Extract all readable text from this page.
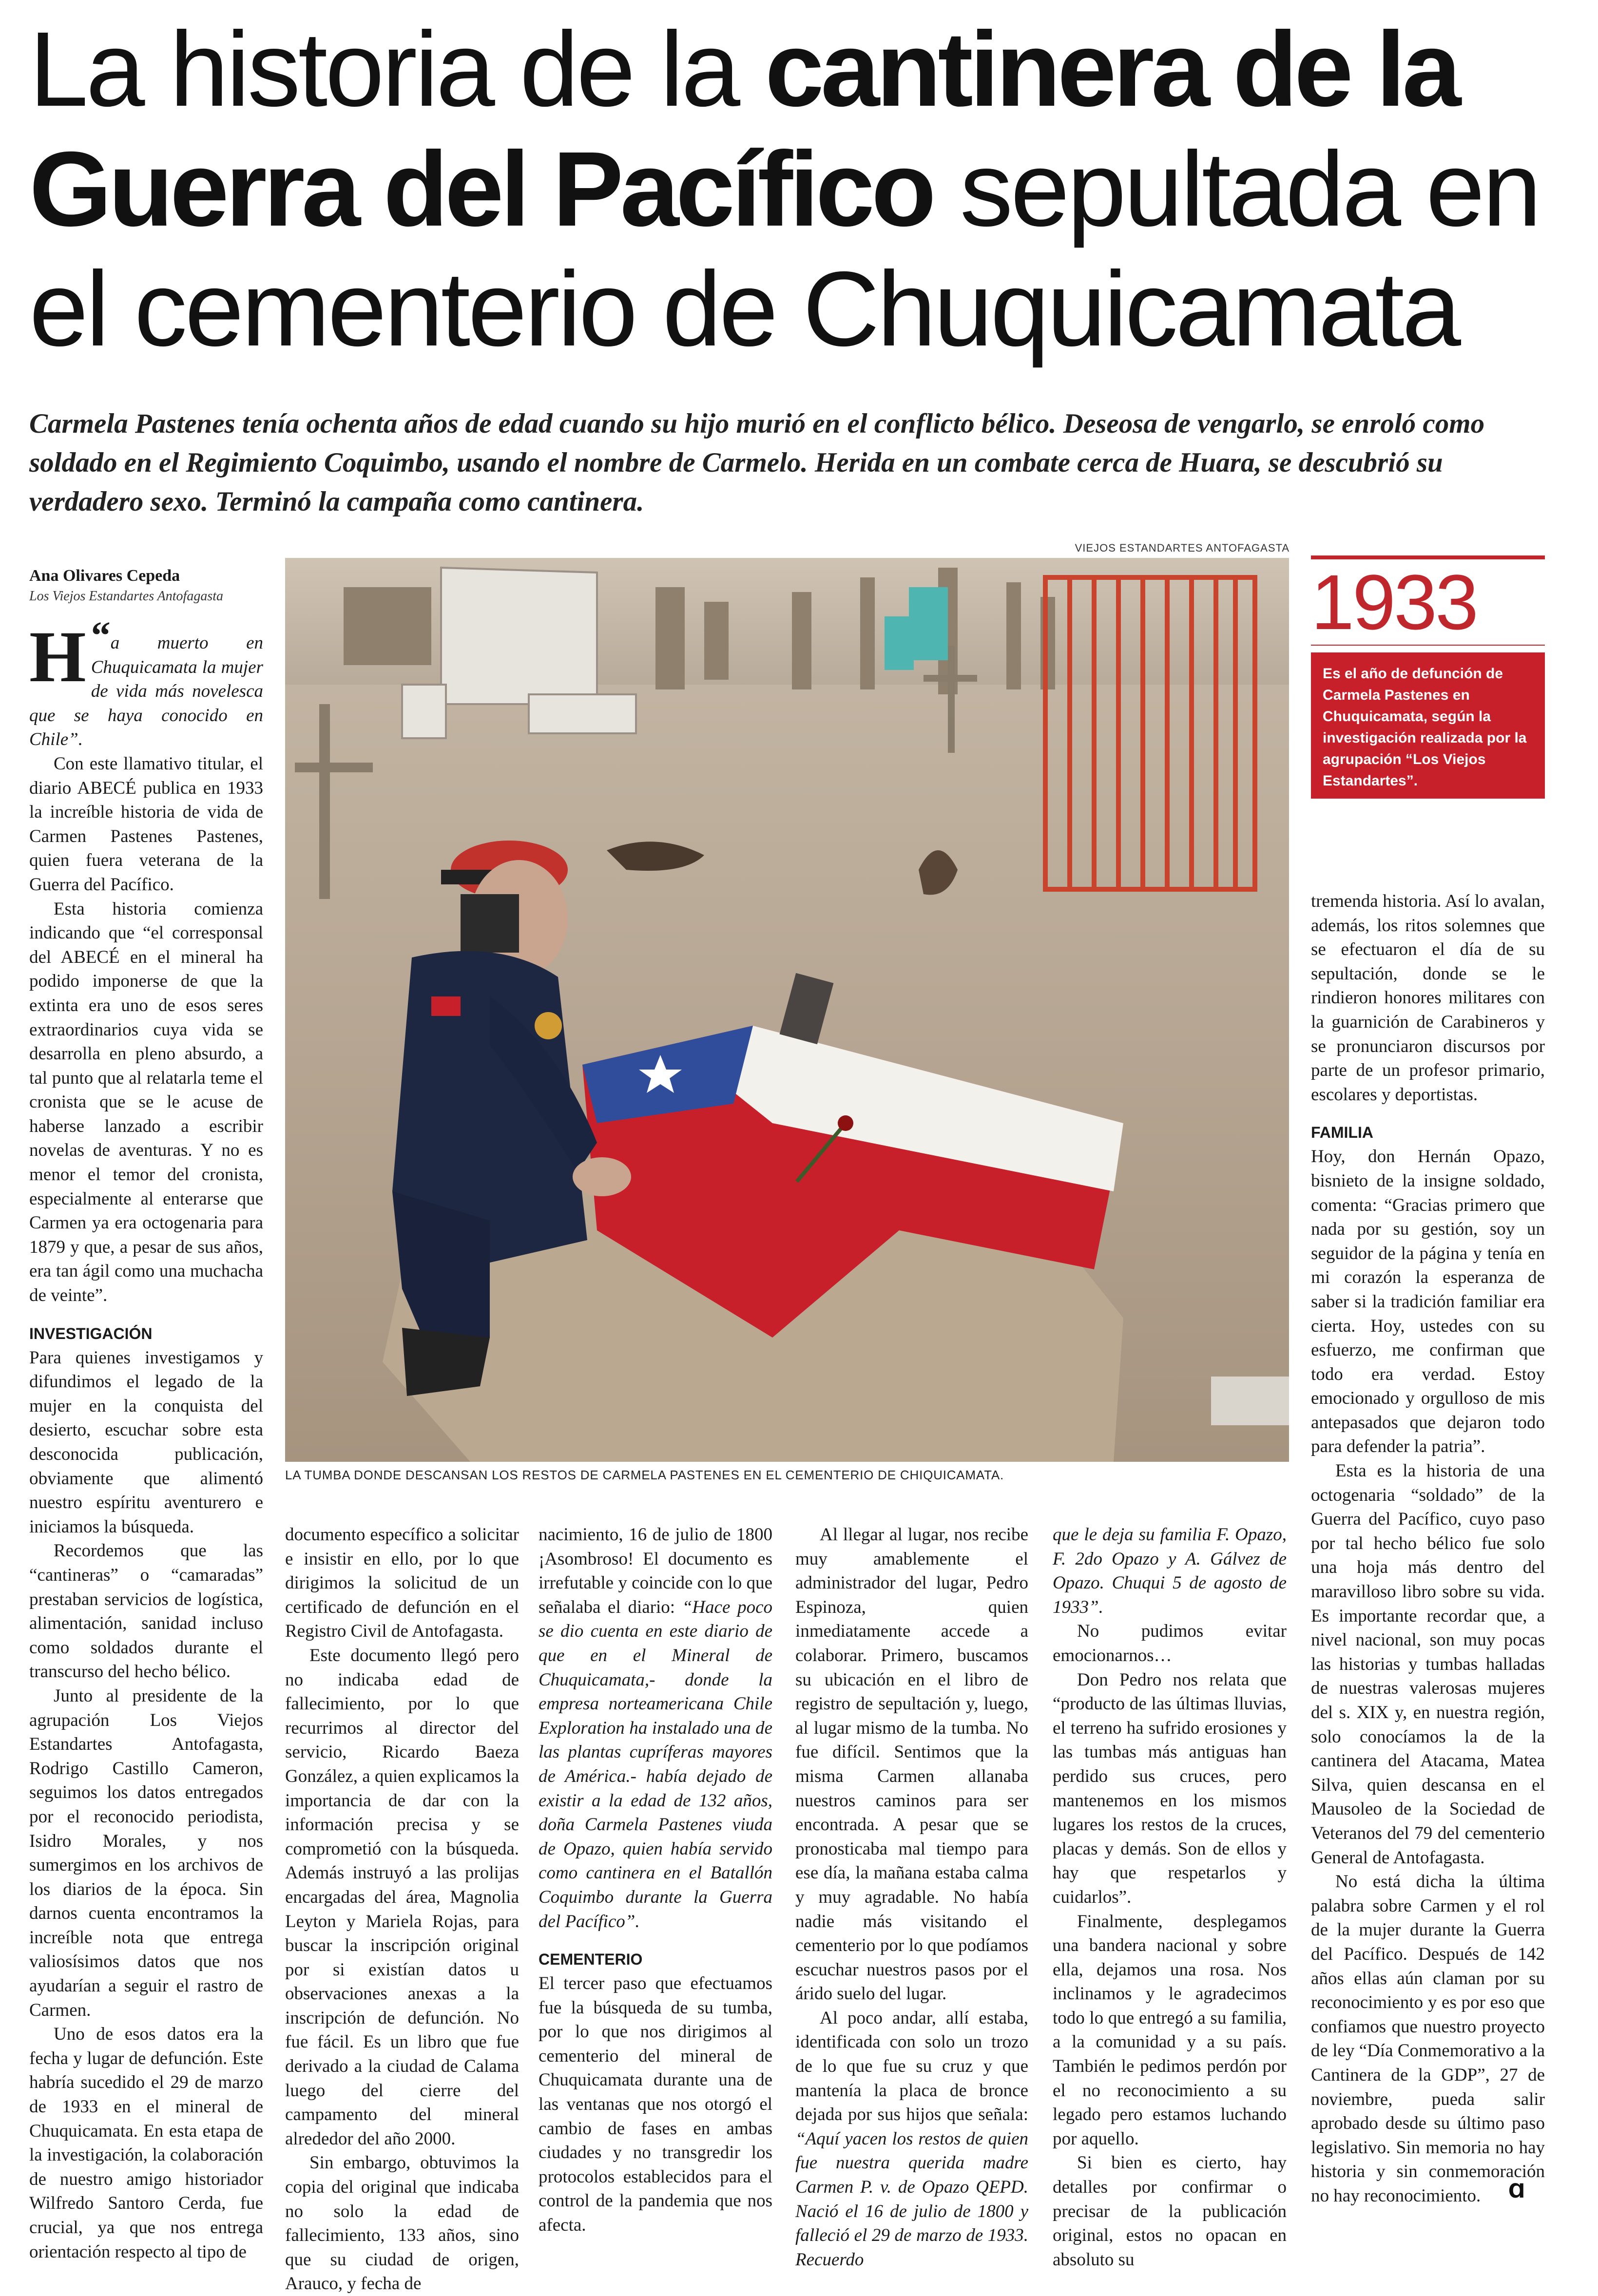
La historia de la cantinera de la Guerra del Pacífico sepultada en el cementerio de Chuquicamata
Carmela Pastenes tenía ochenta años de edad cuando su hijo murió en el conflicto bélico. Deseosa de vengarlo, se enroló como soldado en el Regimiento Coquimbo, usando el nombre de Carmelo. Herida en un combate cerca de Huara, se descubrió su verdadero sexo. Terminó la campaña como cantinera.
Ana Olivares Cepeda
Los Viejos Estandartes Antofagasta

“
H a muerto en Chuquicamata la mujer de vida más novelesca que se haya conocido en Chile”.

Con este llamativo titular, el diario ABECÉ publica en 1933 la increíble historia de vida de Carmen Pastenes Pastenes, quien fuera veterana de la Guerra del Pacífico.

Esta historia comienza indicando que “el corresponsal del ABECÉ en el mineral ha podido imponerse de que la extinta era uno de esos seres extraordinarios cuya vida se desarrolla en pleno absurdo, a tal punto que al relatarla teme el cronista que se le acuse de haberse lanzado a escribir novelas de aventuras. Y no es menor el temor del cronista, especialmente al enterarse que Carmen ya era octogenaria para 1879 y que, a pesar de sus años, era tan ágil como una muchacha de veinte”.

INVESTIGACIÓN

Para quienes investigamos y difundimos el legado de la mujer en la conquista del desierto, escuchar sobre esta desconocida publicación, obviamente que alimentó nuestro espíritu aventurero e iniciamos la búsqueda.

Recordemos que las “cantineras” o “camaradas” prestaban servicios de logística, alimentación, sanidad incluso como soldados durante el transcurso del hecho bélico.

Junto al presidente de la agrupación Los Viejos Estandartes Antofagasta, Rodrigo Castillo Cameron, seguimos los datos entregados por el reconocido periodista, Isidro Morales, y nos sumergimos en los archivos de los diarios de la época. Sin darnos cuenta encontramos la increíble nota que entrega valiosísimos datos que nos ayudarían a seguir el rastro de Carmen.

Uno de esos datos era la fecha y lugar de defunción. Este habría sucedido el 29 de marzo de 1933 en el mineral de Chuquicamata. En esta etapa de la investigación, la colaboración de nuestro amigo historiador Wilfredo Santoro Cerda, fue crucial, ya que nos entrega orientación respecto al tipo de

VIEJOS ESTANDARTES ANTOFAGASTA
LA TUMBA DONDE DESCANSAN LOS RESTOS DE CARMELA PASTENES EN EL CEMENTERIO DE CHIQUICAMATA.
1933
Es el año de defunción de Carmela Pastenes en Chuquicamata, según la investigación realizada por la agrupación “Los Viejos Estandartes”.

documento específico a solicitar e insistir en ello, por lo que dirigimos la solicitud de un certificado de defunción en el Registro Civil de Antofagasta.

Este documento llegó pero no indicaba edad de fallecimiento, por lo que recurrimos al director del servicio, Ricardo Baeza González, a quien explicamos la importancia de dar con la información precisa y se comprometió con la búsqueda. Además instruyó a las prolijas encargadas del área, Magnolia Leyton y Mariela Rojas, para buscar la inscripción original por si existían datos u observaciones anexas a la inscripción de defunción. No fue fácil. Es un libro que fue derivado a la ciudad de Calama luego del cierre del campamento del mineral alrededor del año 2000.

Sin embargo, obtuvimos la copia del original que indicaba no solo la edad de fallecimiento, 133 años, sino que su ciudad de origen, Arauco, y fecha de

nacimiento, 16 de julio de 1800 ¡Asombroso! El documento es irrefutable y coincide con lo que señalaba el diario: “Hace poco se dio cuenta en este diario de que en el Mineral de Chuquicamata,- donde la empresa norteamericana Chile Exploration ha instalado una de las plantas cupríferas mayores de América.- había dejado de existir a la edad de 132 años, doña Carmela Pastenes viuda de Opazo, quien había servido como cantinera en el Batallón Coquimbo durante la Guerra del Pacífico”.

CEMENTERIO

El tercer paso que efectuamos fue la búsqueda de su tumba, por lo que nos dirigimos al cementerio del mineral de Chuquicamata durante una de las ventanas que nos otorgó el cambio de fases en ambas ciudades y no transgredir los protocolos establecidos para el control de la pandemia que nos afecta.

Al llegar al lugar, nos recibe muy amablemente el administrador del lugar, Pedro Espinoza, quien inmediatamente accede a colaborar. Primero, buscamos su ubicación en el libro de registro de sepultación y, luego, al lugar mismo de la tumba. No fue difícil. Sentimos que la misma Carmen allanaba nuestros caminos para ser encontrada. A pesar que se pronosticaba mal tiempo para ese día, la mañana estaba calma y muy agradable. No había nadie más visitando el cementerio por lo que podíamos escuchar nuestros pasos por el árido suelo del lugar.

Al poco andar, allí estaba, identificada con solo un trozo de lo que fue su cruz y que mantenía la placa de bronce dejada por sus hijos que señala: “Aquí yacen los restos de quien fue nuestra querida madre Carmen P. v. de Opazo QEPD. Nació el 16 de julio de 1800 y falleció el 29 de marzo de 1933. Recuerdo

que le deja su familia F. Opazo, F. 2do Opazo y A. Gálvez de Opazo. Chuqui 5 de agosto de 1933”.

No pudimos evitar emocionarnos…

Don Pedro nos relata que “producto de las últimas lluvias, el terreno ha sufrido erosiones y las tumbas más antiguas han perdido sus cruces, pero mantenemos en los mismos lugares los restos de la cruces, placas y demás. Son de ellos y hay que respetarlos y cuidarlos”.

Finalmente, desplegamos una bandera nacional y sobre ella, dejamos una rosa. Nos inclinamos y le agradecimos todo lo que entregó a su familia, a la comunidad y a su país. También le pedimos perdón por el no reconocimiento a su legado pero estamos luchando por aquello.

Si bien es cierto, hay detalles por confirmar o precisar de la publicación original, estos no opacan en absoluto su

tremenda historia. Así lo avalan, además, los ritos solemnes que se efectuaron el día de su sepultación, donde se le rindieron honores militares con la guarnición de Carabineros y se pronunciaron discursos por parte de un profesor primario, escolares y deportistas.

FAMILIA

Hoy, don Hernán Opazo, bisnieto de la insigne soldado, comenta: “Gracias primero que nada por su gestión, soy un seguidor de la página y tenía en mi corazón la esperanza de saber si la tradición familiar era cierta. Hoy, ustedes con su esfuerzo, me confirman que todo era verdad. Estoy emocionado y orgulloso de mis antepasados que dejaron todo para defender la patria”.

Esta es la historia de una octogenaria “soldado” de la Guerra del Pacífico, cuyo paso por tal hecho bélico fue solo una hoja más dentro del maravilloso libro sobre su vida. Es importante recordar que, a nivel nacional, son muy pocas las historias y tumbas halladas de nuestras valerosas mujeres del s. XIX y, en nuestra región, solo conocíamos la de la cantinera del Atacama, Matea Silva, quien descansa en el Mausoleo de la Sociedad de Veteranos del 79 del cementerio General de Antofagasta.

No está dicha la última palabra sobre Carmen y el rol de la mujer durante la Guerra del Pacífico. Después de 142 años ellas aún claman por su reconocimiento y es por eso que confiamos que nuestro proyecto de ley “Día Conmemorativo a la Cantinera de la GDP”, 27 de noviembre, pueda salir aprobado desde su último paso legislativo. Sin memoria no hay historia y sin conmemoración no hay reconocimiento.	Ɑ
